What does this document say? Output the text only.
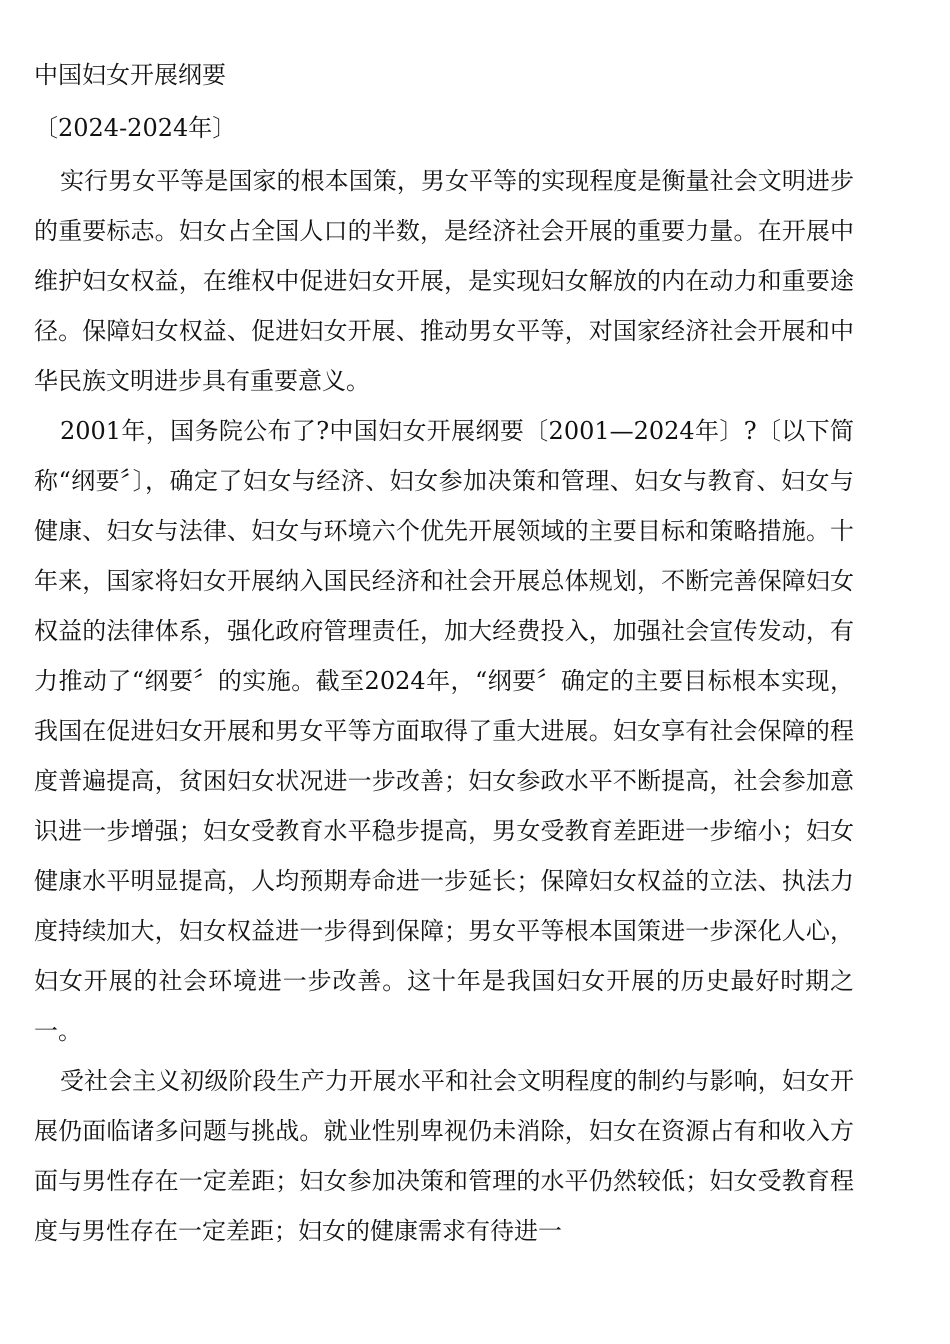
中国妇女开展纲要
〔2024-2024年〕

实行男女平等是国家的根本国策，男女平等的实现程度是衡量社会文明进步的重要标志。妇女占全国人口的半数，是经济社会开展的重要力量。在开展中维护妇女权益，在维权中促进妇女开展，是实现妇女解放的内在动力和重要途径。保障妇女权益、促进妇女开展、推动男女平等，对国家经济社会开展和中华民族文明进步具有重要意义。

2001年，国务院公布了?中国妇女开展纲要〔2001—2024年〕?〔以下简称“纲要〞〕，确定了妇女与经济、妇女参加决策和管理、妇女与教育、妇女与健康、妇女与法律、妇女与环境六个优先开展领域的主要目标和策略措施。十年来，国家将妇女开展纳入国民经济和社会开展总体规划，不断完善保障妇女权益的法律体系，强化政府管理责任，加大经费投入，加强社会宣传发动，有力推动了“纲要〞的实施。截至2024年，“纲要〞确定的主要目标根本实现，我国在促进妇女开展和男女平等方面取得了重大进展。妇女享有社会保障的程度普遍提高，贫困妇女状况进一步改善；妇女参政水平不断提高，社会参加意识进一步增强；妇女受教育水平稳步提高，男女受教育差距进一步缩小；妇女健康水平明显提高，人均预期寿命进一步延长；保障妇女权益的立法、执法力度持续加大，妇女权益进一步得到保障；男女平等根本国策进一步深化人心，妇女开展的社会环境进一步改善。这十年是我国妇女开展的历史最好时期之一。

受社会主义初级阶段生产力开展水平和社会文明程度的制约与影响，妇女开展仍面临诸多问题与挑战。就业性别卑视仍未消除，妇女在资源占有和收入方面与男性存在一定差距；妇女参加决策和管理的水平仍然较低；妇女受教育程度与男性存在一定差距；妇女的健康需求有待进一
